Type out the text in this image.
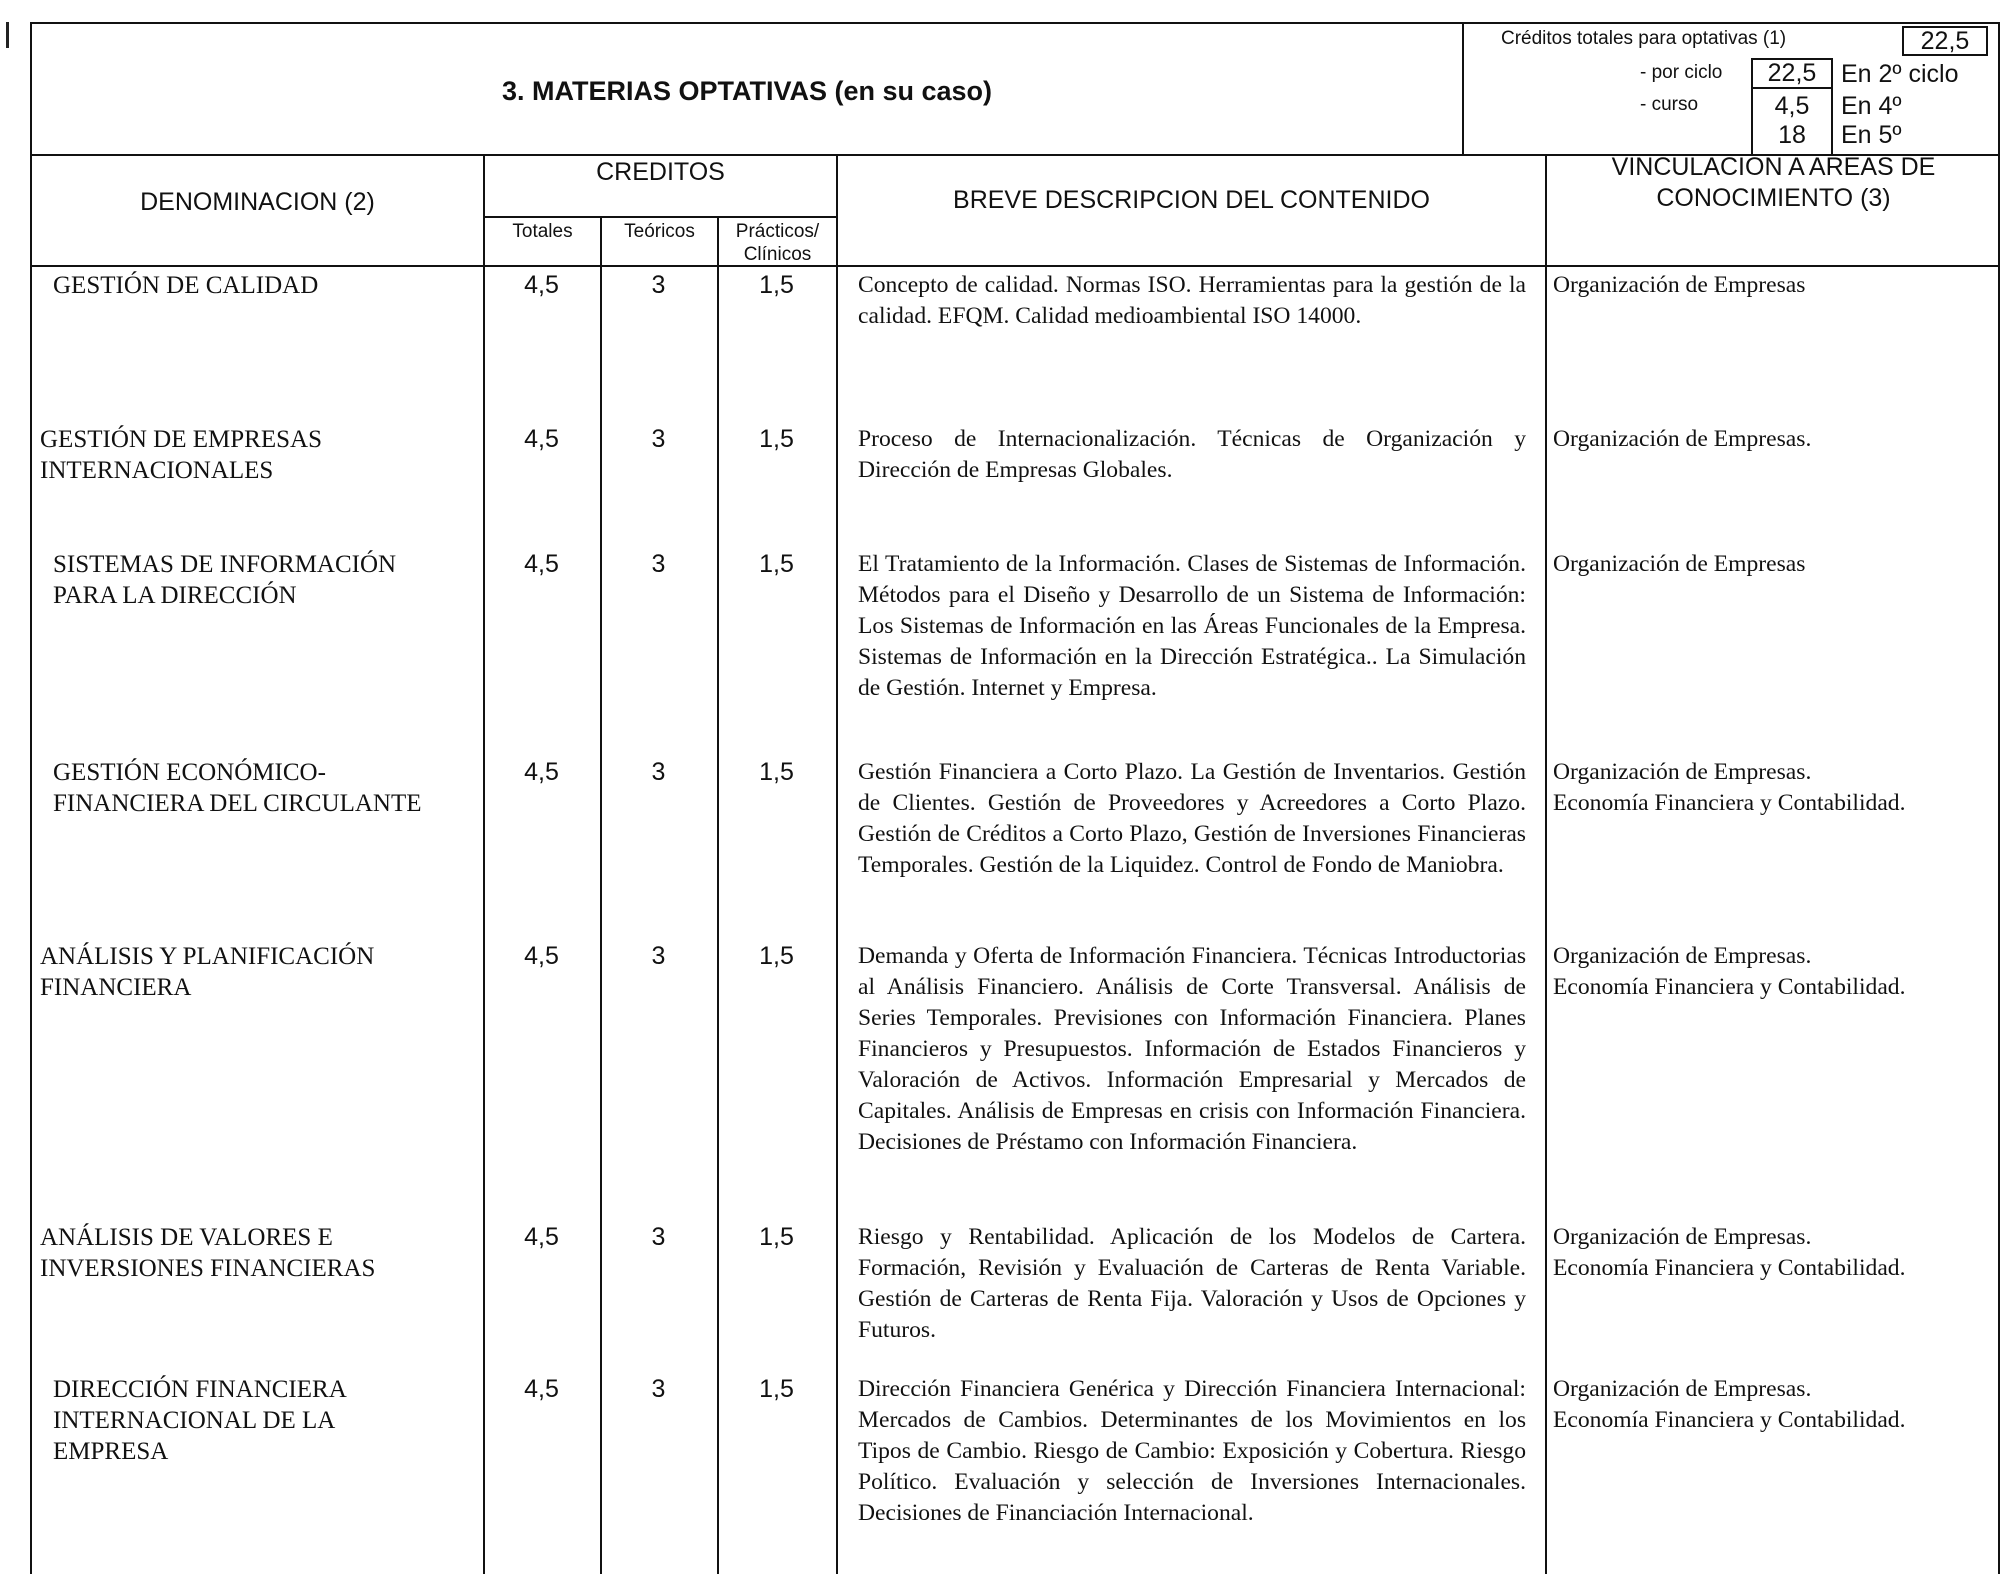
3. MATERIAS OPTATIVAS (en su caso)
Créditos totales para optativas (1)	22,5
- por ciclo	22,5 En 2º ciclo
- curso	4,5	En 4º
18	En 5º
DENOMINACION (2)
CREDITOS
Totales	Teóricos	Prácticos/
Clínicos
BREVE DESCRIPCION DEL CONTENIDO
VINCULACION A AREAS DE
CONOCIMIENTO (3)
GESTIÓN DE CALIDAD	4,5	3	1,5	Concepto de calidad. Normas ISO. Herramientas para la gestión de la calidad. EFQM. Calidad medioambiental ISO 14000.
Organización de Empresas
GESTIÓN DE EMPRESAS
INTERNACIONALES
4,5	3	1,5	Proceso de Internacionalización. Técnicas de Organización y Dirección de Empresas Globales.
Organización de Empresas.
SISTEMAS DE INFORMACIÓN
PARA LA DIRECCIÓN
4,5	3	1,5	El Tratamiento de la Información. Clases de Sistemas de Información. Métodos para el Diseño y Desarrollo de un Sistema de Información: Los Sistemas de Información en las Áreas Funcionales de la Empresa. Sistemas de Información en la Dirección Estratégica.. La Simulación de Gestión. Internet y Empresa.
Organización de Empresas
GESTIÓN ECONÓMICO-
FINANCIERA DEL CIRCULANTE
4,5	3	1,5	Gestión Financiera a Corto Plazo. La Gestión de Inventarios. Gestión de Clientes. Gestión de Proveedores y Acreedores a Corto Plazo. Gestión de Créditos a Corto Plazo, Gestión de Inversiones Financieras Temporales. Gestión de la Liquidez. Control de Fondo de Maniobra.
Organización de Empresas.
Economía Financiera y Contabilidad.
ANÁLISIS Y PLANIFICACIÓN
FINANCIERA
4,5	3	1,5	Demanda y Oferta de Información Financiera. Técnicas Introductorias al Análisis Financiero. Análisis de Corte Transversal. Análisis de Series Temporales. Previsiones con Información Financiera. Planes Financieros y Presupuestos. Información de Estados Financieros y Valoración de Activos. Información Empresarial y Mercados de Capitales. Análisis de Empresas en crisis con Información Financiera. Decisiones de Préstamo con Información Financiera.
Organización de Empresas.
Economía Financiera y Contabilidad.
ANÁLISIS DE VALORES E
INVERSIONES FINANCIERAS
4,5	3	1,5	Riesgo y Rentabilidad. Aplicación de los Modelos de Cartera. Formación, Revisión y Evaluación de Carteras de Renta Variable. Gestión de Carteras de Renta Fija. Valoración y Usos de Opciones y Futuros.
Organización de Empresas.
Economía Financiera y Contabilidad.
DIRECCIÓN FINANCIERA
INTERNACIONAL DE LA
EMPRESA
4,5	3	1,5	Dirección Financiera Genérica y Dirección Financiera Internacional: Mercados de Cambios. Determinantes de los Movimientos en los Tipos de Cambio. Riesgo de Cambio: Exposición y Cobertura. Riesgo Político. Evaluación y selección de Inversiones Internacionales. Decisiones de Financiación Internacional.
Organización de Empresas.
Economía Financiera y Contabilidad.
